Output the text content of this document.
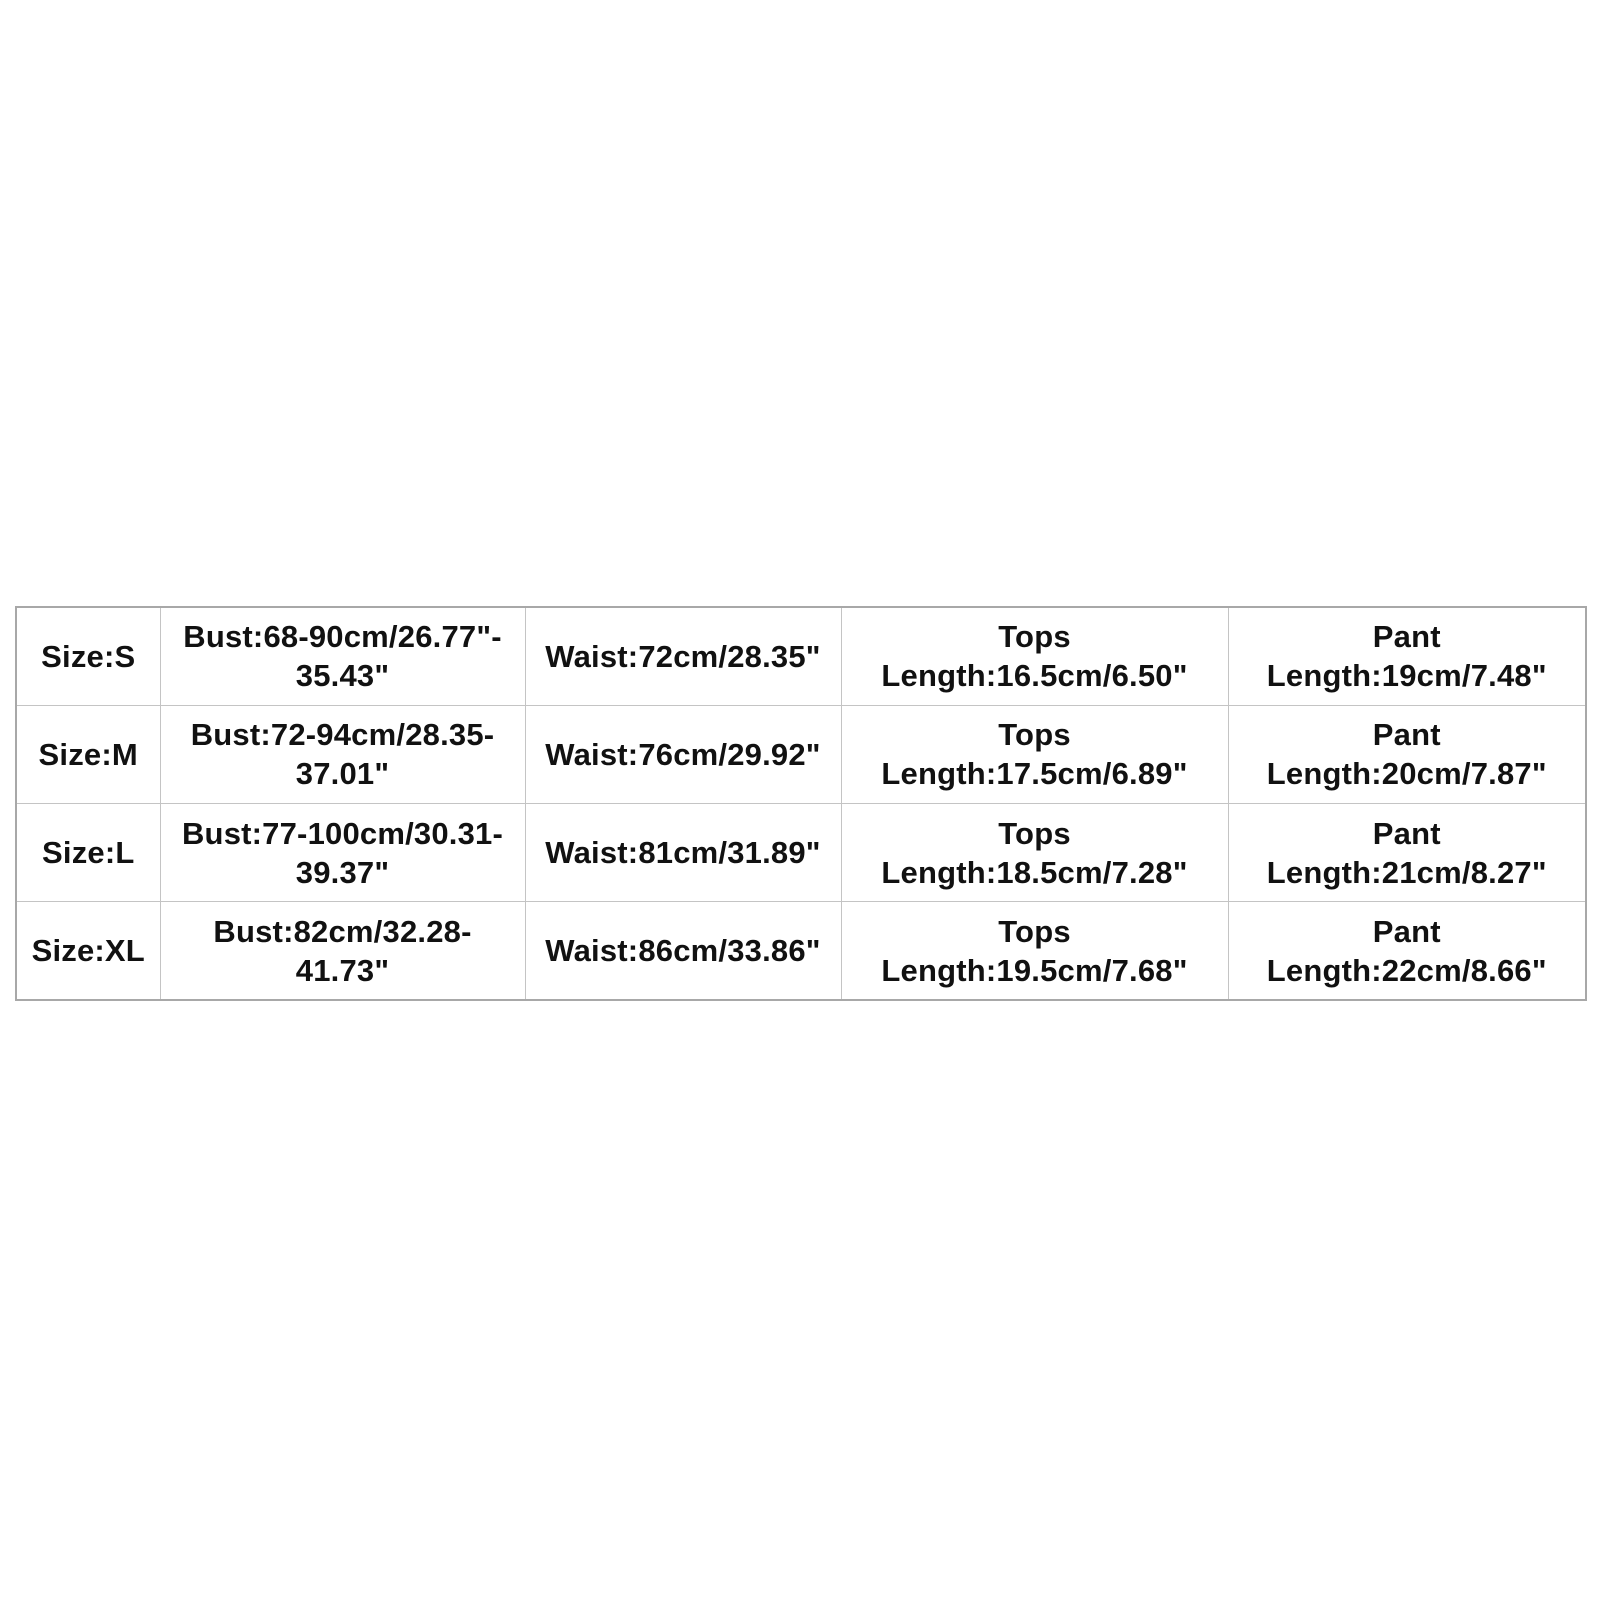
Size:S	Bust:68-90cm/26.77"-
35.43"	Waist:72cm/28.35"	Tops
Length:16.5cm/6.50"	Pant
Length:19cm/7.48"

Size:M	Bust:72-94cm/28.35-
37.01"	Waist:76cm/29.92"	Tops
Length:17.5cm/6.89"	Pant
Length:20cm/7.87"

Size:L	Bust:77-100cm/30.31-
39.37"	Waist:81cm/31.89"	Tops
Length:18.5cm/7.28"	Pant
Length:21cm/8.27"

Size:XL	Bust:82cm/32.28-
41.73"	Waist:86cm/33.86"	Tops
Length:19.5cm/7.68"	Pant
Length:22cm/8.66"
